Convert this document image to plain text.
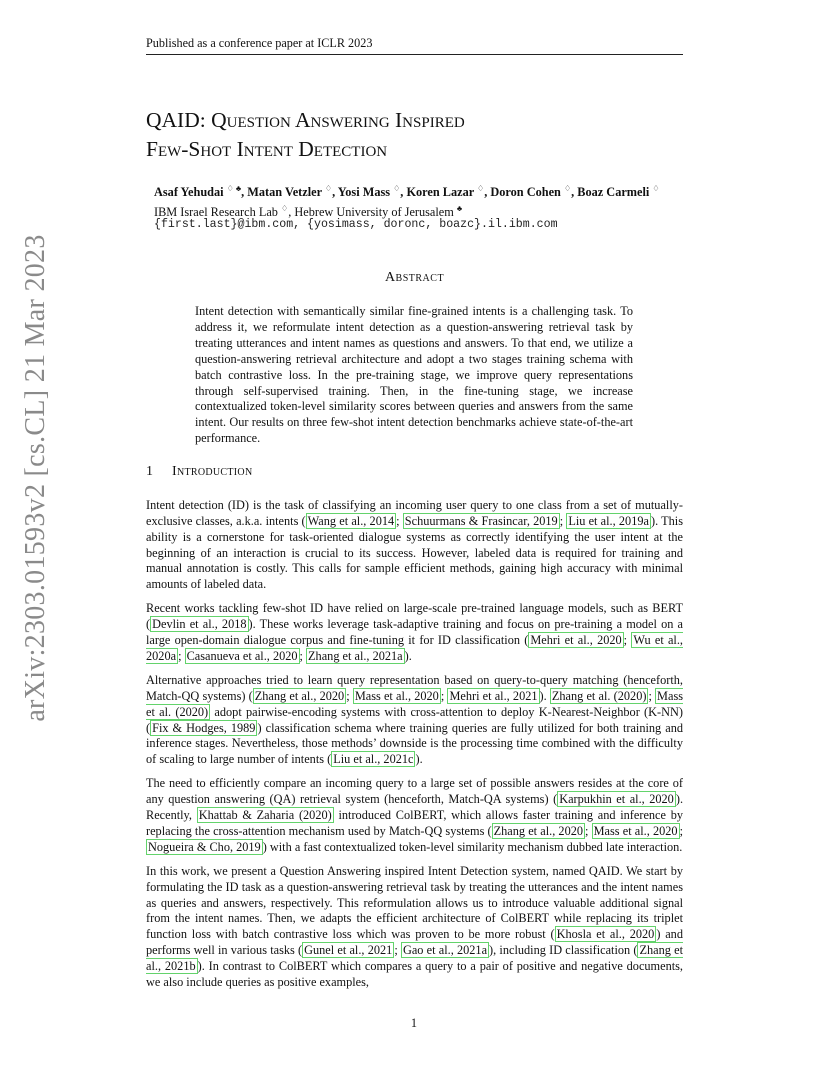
Published as a conference paper at ICLR 2023
arXiv:2303.01593v2 [cs.CL] 21 Mar 2023
QAID: Question Answering Inspired
Few-Shot Intent Detection
Asaf Yehudai ♢ ♣, Matan Vetzler ♢, Yosi Mass ♢, Koren Lazar ♢, Doron Cohen ♢, Boaz Carmeli ♢
IBM Israel Research Lab ♢, Hebrew University of Jerusalem ♣
{first.last}@ibm.com, {yosimass, doronc, boazc}.il.ibm.com
Abstract

Intent detection with semantically similar fine-grained intents is a challenging task. To address it, we reformulate intent detection as a question-answering retrieval task by treating utterances and intent names as questions and answers. To that end, we utilize a question-answering retrieval architecture and adopt a two stages training schema with batch contrastive loss. In the pre-training stage, we improve query representations through self-supervised training. Then, in the fine-tuning stage, we increase contextualized token-level similarity scores between queries and answers from the same intent. Our results on three few-shot intent detection benchmarks achieve state-of-the-art performance.

1 Introduction

Intent detection (ID) is the task of classifying an incoming user query to one class from a set of mutually-exclusive classes, a.k.a. intents ( Wang et al., 2014 ; Schuurmans & Frasincar, 2019 ; Liu et al., 2019a ). This ability is a cornerstone for task-oriented dialogue systems as correctly identifying the user intent at the beginning of an interaction is crucial to its success. However, labeled data is required for training and manual annotation is costly. This calls for sample efficient methods, gaining high accuracy with minimal amounts of labeled data.

Recent works tackling few-shot ID have relied on large-scale pre-trained language models, such as BERT ( Devlin et al., 2018 ). These works leverage task-adaptive training and focus on pre-training a model on a large open-domain dialogue corpus and fine-tuning it for ID classification ( Mehri et al., 2020 ; Wu et al., 2020a ; Casanueva et al., 2020 ; Zhang et al., 2021a ).

Alternative approaches tried to learn query representation based on query-to-query matching (henceforth, Match-QQ systems) ( Zhang et al., 2020 ; Mass et al., 2020 ; Mehri et al., 2021 ). Zhang et al. (2020) ; Mass et al. (2020) adopt pairwise-encoding systems with cross-attention to deploy K-Nearest-Neighbor (K-NN) ( Fix & Hodges, 1989 ) classification schema where training queries are fully utilized for both training and inference stages. Nevertheless, those methods’ downside is the processing time combined with the difficulty of scaling to large number of intents ( Liu et al., 2021c ).

The need to efficiently compare an incoming query to a large set of possible answers resides at the core of any question answering (QA) retrieval system (henceforth, Match-QA systems) ( Karpukhin et al., 2020 ). Recently, Khattab & Zaharia (2020) introduced ColBERT, which allows faster training and inference by replacing the cross-attention mechanism used by Match-QQ systems ( Zhang et al., 2020 ; Mass et al., 2020 ; Nogueira & Cho, 2019 ) with a fast contextualized token-level similarity mechanism dubbed late interaction.

In this work, we present a Question Answering inspired Intent Detection system, named QAID. We start by formulating the ID task as a question-answering retrieval task by treating the utterances and the intent names as queries and answers, respectively. This reformulation allows us to introduce valuable additional signal from the intent names. Then, we adapts the efficient architecture of ColBERT while replacing its triplet function loss with batch contrastive loss which was proven to be more robust ( Khosla et al., 2020 ) and performs well in various tasks ( Gunel et al., 2021 ; Gao et al., 2021a ), including ID classification ( Zhang et al., 2021b ). In contrast to ColBERT which compares a query to a pair of positive and negative documents, we also include queries as positive examples,

1
